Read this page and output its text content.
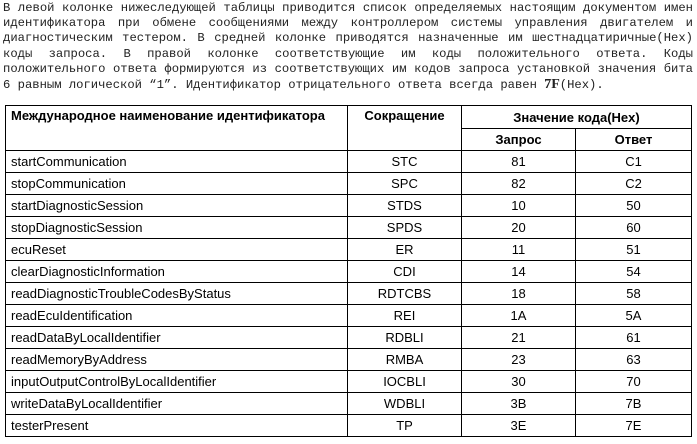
В левой колонке нижеследующей таблицы приводится список определяемых настоящим документом имен идентификатора при обмене сообщениями между контроллером системы управления двигателем и диагностическим тестером. В средней колонке приводятся назначенные им шестнадцатиричные(Hex) коды запроса. В правой колонке соответствующие им коды положительного ответа. Коды положительного ответа формируются из соответствующих им кодов запроса установкой значения бита 6 равным логической “1”. Идентификатор отрицательного ответа всегда равен 7F(Hex).

Международное наименование идентификатора	Сокращение	Значение кода(Hex)	
		Запрос	Ответ
startCommunication	STC	81	C1
stopCommunication	SPC	82	C2
startDiagnosticSession	STDS	10	50
stopDiagnosticSession	SPDS	20	60
ecuReset	ER	11	51
clearDiagnosticInformation	CDI	14	54
readDiagnosticTroubleCodesByStatus	RDTCBS	18	58
readEcuIdentification	REI	1A	5A
readDataByLocalIdentifier	RDBLI	21	61
readMemoryByAddress	RMBA	23	63
inputOutputControlByLocalIdentifier	IOCBLI	30	70
writeDataByLocalIdentifier	WDBLI	3B	7B
testerPresent	TP	3E	7E
